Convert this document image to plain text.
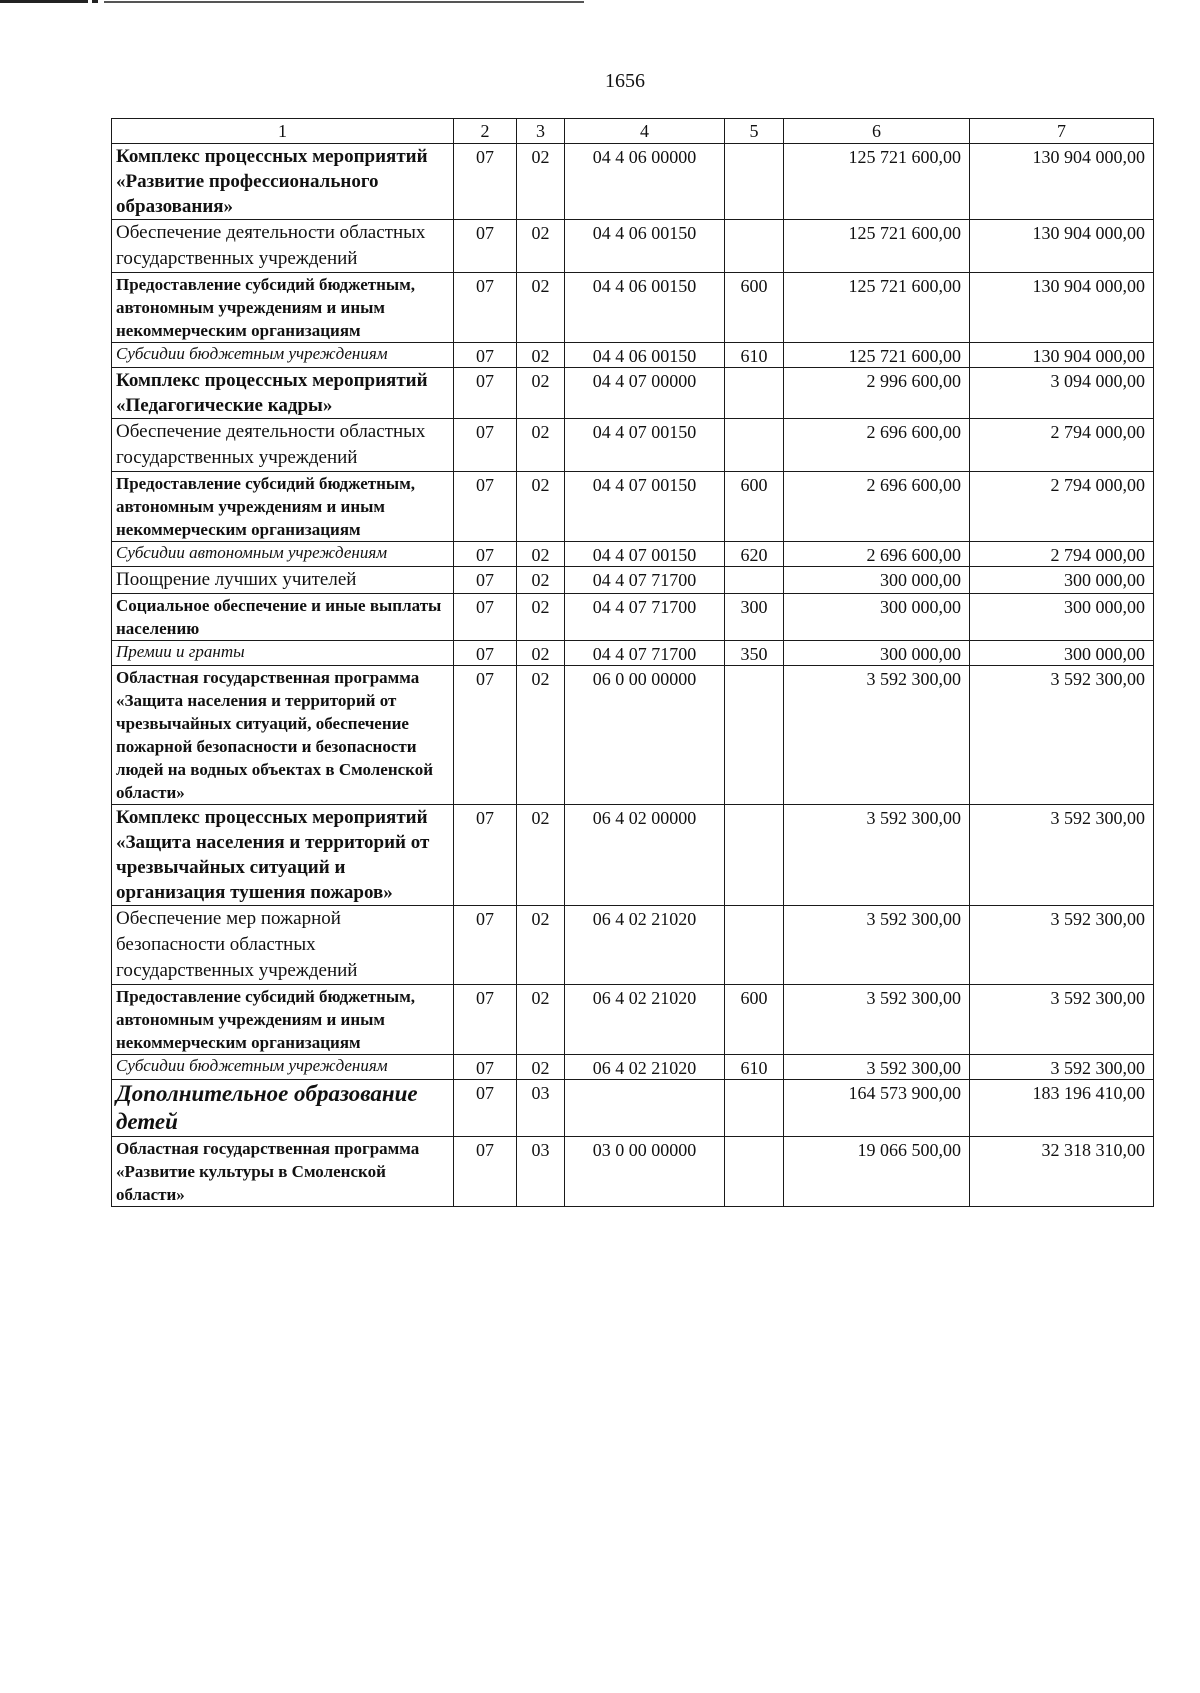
1656
1	2	3	4	5	6	7
Комплекс процессных мероприятий «Развитие профессионального образования»	07	02	04 4 06 00000		125 721 600,00	130 904 000,00
Обеспечение деятельности областных государственных учреждений	07	02	04 4 06 00150		125 721 600,00	130 904 000,00
Предоставление субсидий бюджетным, автономным учреждениям и иным некоммерческим организациям	07	02	04 4 06 00150	600	125 721 600,00	130 904 000,00
Субсидии бюджетным учреждениям	07	02	04 4 06 00150	610	125 721 600,00	130 904 000,00
Комплекс процессных мероприятий «Педагогические кадры»	07	02	04 4 07 00000		2 996 600,00	3 094 000,00
Обеспечение деятельности областных государственных учреждений	07	02	04 4 07 00150		2 696 600,00	2 794 000,00
Предоставление субсидий бюджетным, автономным учреждениям и иным некоммерческим организациям	07	02	04 4 07 00150	600	2 696 600,00	2 794 000,00
Субсидии автономным учреждениям	07	02	04 4 07 00150	620	2 696 600,00	2 794 000,00
Поощрение лучших учителей	07	02	04 4 07 71700		300 000,00	300 000,00
Социальное обеспечение и иные выплаты населению	07	02	04 4 07 71700	300	300 000,00	300 000,00
Премии и гранты	07	02	04 4 07 71700	350	300 000,00	300 000,00
Областная государственная программа «Защита населения и территорий от чрезвычайных ситуаций, обеспечение пожарной безопасности и безопасности людей на водных объектах в Смоленской области»	07	02	06 0 00 00000		3 592 300,00	3 592 300,00
Комплекс процессных мероприятий «Защита населения и территорий от чрезвычайных ситуаций и организация тушения пожаров»	07	02	06 4 02 00000		3 592 300,00	3 592 300,00
Обеспечение мер пожарной безопасности областных государственных учреждений	07	02	06 4 02 21020		3 592 300,00	3 592 300,00
Предоставление субсидий бюджетным, автономным учреждениям и иным некоммерческим организациям	07	02	06 4 02 21020	600	3 592 300,00	3 592 300,00
Субсидии бюджетным учреждениям	07	02	06 4 02 21020	610	3 592 300,00	3 592 300,00
Дополнительное образование детей	07	03			164 573 900,00	183 196 410,00
Областная государственная программа «Развитие культуры в Смоленской области»	07	03	03 0 00 00000		19 066 500,00	32 318 310,00
